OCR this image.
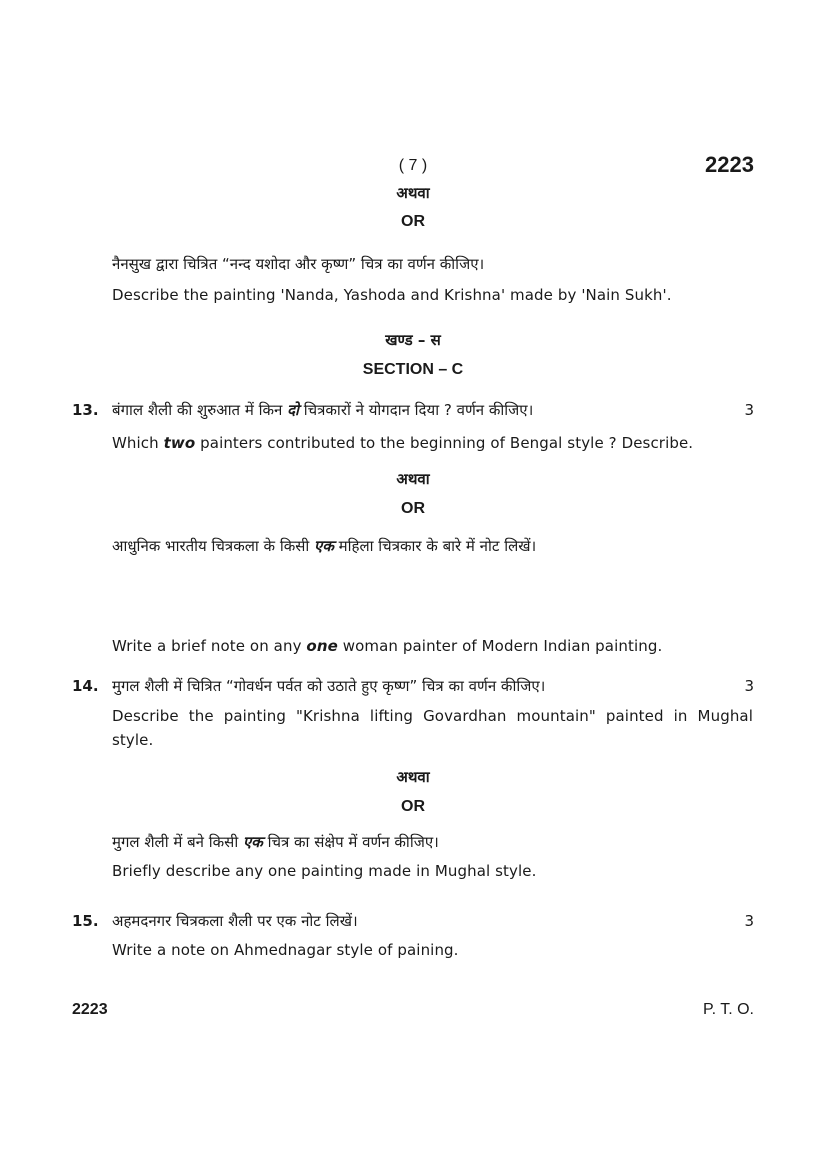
( 7 )	2223
अथवा
OR
नैनसुख द्वारा चित्रित “नन्द यशोदा और कृष्ण” चित्र का वर्णन कीजिए।
Describe the painting 'Nanda, Yashoda and Krishna' made by 'Nain Sukh'.
खण्ड – स
SECTION – C
13. बंगाल शैली की शुरुआत में किन दो चित्रकारों ने योगदान दिया ? वर्णन कीजिए।	3
Which two painters contributed to the beginning of Bengal style ? Describe.
अथवा
OR
आधुनिक भारतीय चित्रकला के किसी एक महिला चित्रकार के बारे में नोट लिखें।
Write a brief note on any one woman painter of Modern Indian painting.
14. मुगल शैली में चित्रित “गोवर्धन पर्वत को उठाते हुए कृष्ण” चित्र का वर्णन कीजिए।	3
Describe the painting "Krishna lifting Govardhan mountain" painted in Mughal
style.
अथवा
OR
मुगल शैली में बने किसी एक चित्र का संक्षेप में वर्णन कीजिए।
Briefly describe any one painting made in Mughal style.
15. अहमदनगर चित्रकला शैली पर एक नोट लिखें।	3
Write a note on Ahmednagar style of paining.
2223	P. T. O.
